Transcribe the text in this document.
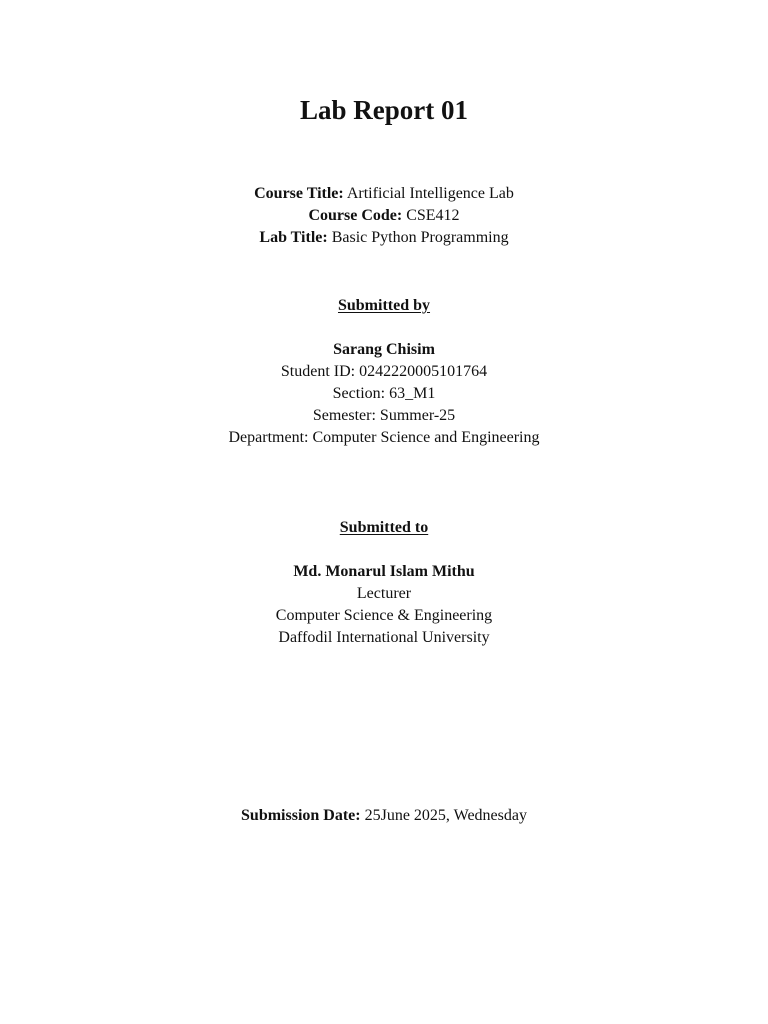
Lab Report 01
Course Title: Artificial Intelligence Lab
Course Code: CSE412
Lab Title: Basic Python Programming
Submitted by
Sarang Chisim
Student ID: 0242220005101764
Section: 63_M1
Semester: Summer-25
Department: Computer Science and Engineering
Submitted to
Md. Monarul Islam Mithu
Lecturer
Computer Science & Engineering
Daffodil International University
Submission Date: 25June 2025, Wednesday
